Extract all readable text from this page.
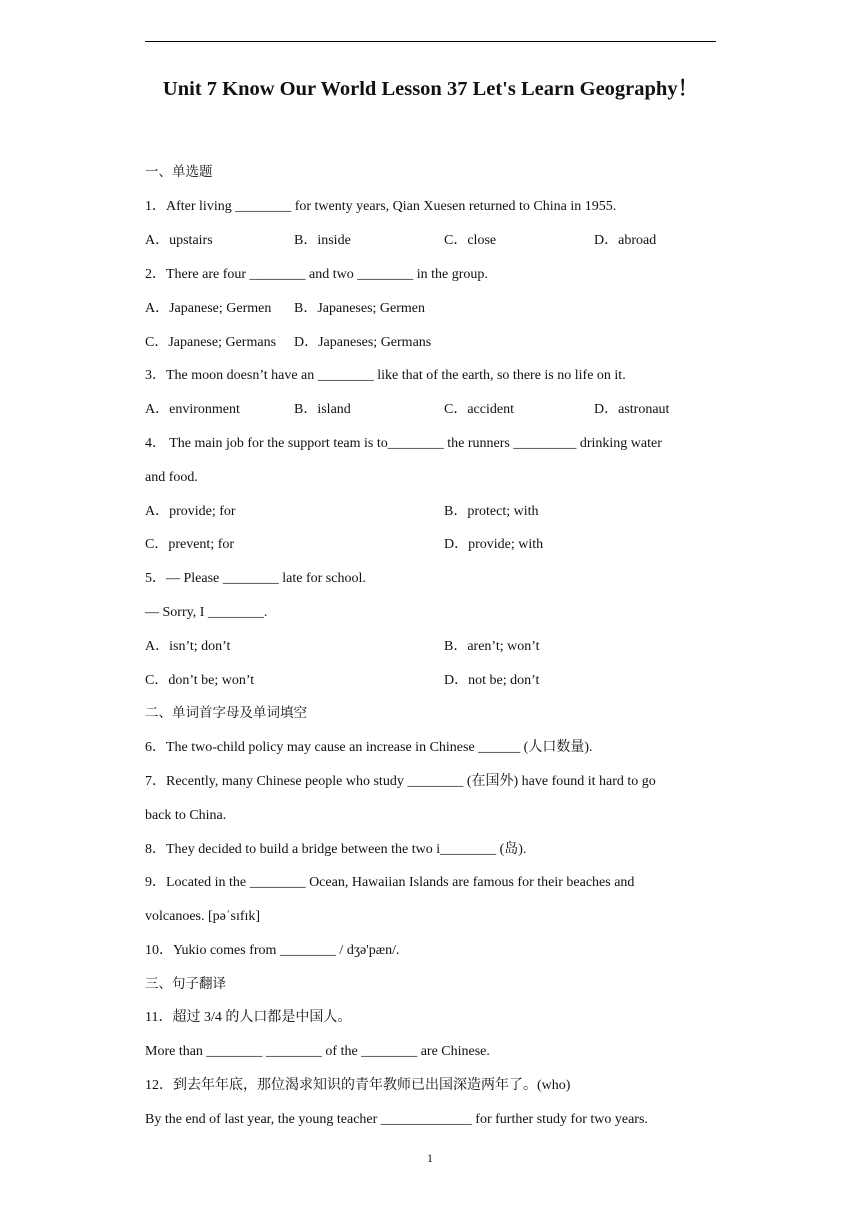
Unit 7 Know Our World Lesson 37 Let's Learn Geography！
一、单选题
1．After living ________ for twenty years, Qian Xuesen returned to China in 1955.
A．upstairs	B．inside	C．close	D．abroad
2．There are four ________ and two ________ in the group.
A．Japanese; Germen B．Japaneses; Germen
C．Japanese; Germans D．Japaneses; Germans
3．The moon doesn’t have an ________ like that of the earth, so there is no life on it.
A．environment	B．island	C．accident	D．astronaut
4． The main job for the support team is to________ the runners _________ drinking water
and food.
A．provide; for	B．protect; with
C．prevent; for	D．provide; with
5．— Please ________ late for school.
— Sorry, I ________.
A．isn’t; don’t	B．aren’t; won’t
C．don’t be; won’t	D．not be; don’t
二、单词首字母及单词填空
6．The two-child policy may cause an increase in Chinese ______ (人口数量).
7．Recently, many Chinese people who study ________ (在国外) have found it hard to go
back to China.
8．They decided to build a bridge between the two i________ (岛).
9．Located in the ________ Ocean, Hawaiian Islands are famous for their beaches and
volcanoes. [pəˈsɪfɪk]
10．Yukio comes from ________ / dʒə'pæn/.
三、句子翻译
11．超过 3/4 的人口都是中国人。
More than ________ ________ of the ________ are Chinese.
12．到去年年底，那位渴求知识的青年教师已出国深造两年了。(who)
By the end of last year, the young teacher _____________ for further study for two years.
1
